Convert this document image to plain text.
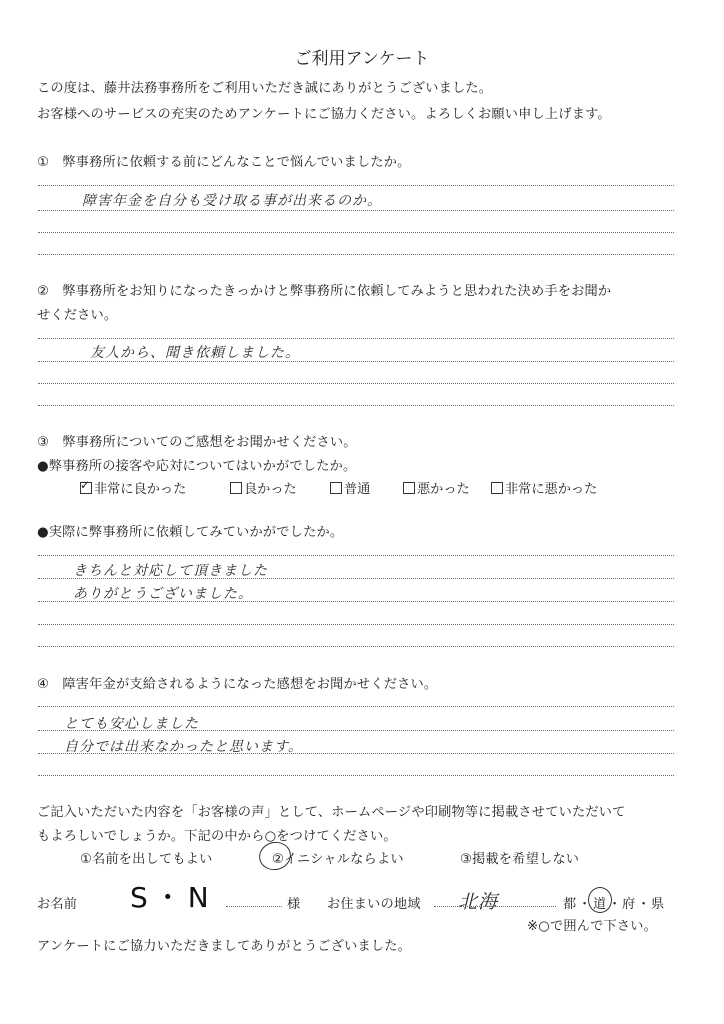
ご利用アンケート
この度は、藤井法務事務所をご利用いただき誠にありがとうございました。
お客様へのサービスの充実のためアンケートにご協力ください。よろしくお願い申し上げます。
①　弊事務所に依頼する前にどんなことで悩んでいましたか。
障害年金を自分も受け取る事が出来るのか。
②　弊事務所をお知りになったきっかけと弊事務所に依頼してみようと思われた決め手をお聞か
せください。
友人から、聞き依頼しました。
③　弊事務所についてのご感想をお聞かせください。
●弊事務所の接客や応対についてはいかがでしたか。
✓非常に良かった	良かった	普通	悪かった	非常に悪かった
●実際に弊事務所に依頼してみていかがでしたか。
きちんと対応して頂きました
ありがとうございました。
④　障害年金が支給されるようになった感想をお聞かせください。
とても安心しました
自分では出来なかったと思います。
ご記入いただいた内容を「お客様の声」として、ホームページや印刷物等に掲載させていただいて
もよろしいでしょうか。下記の中から○をつけてください。
①名前を出してもよい	②イニシャルならよい	③掲載を希望しない
お名前 S・N	様 お住まいの地域 北海	都 ・ 道 ・ 府 ・ 県
※○で囲んで下さい。
アンケートにご協力いただきましてありがとうございました。
